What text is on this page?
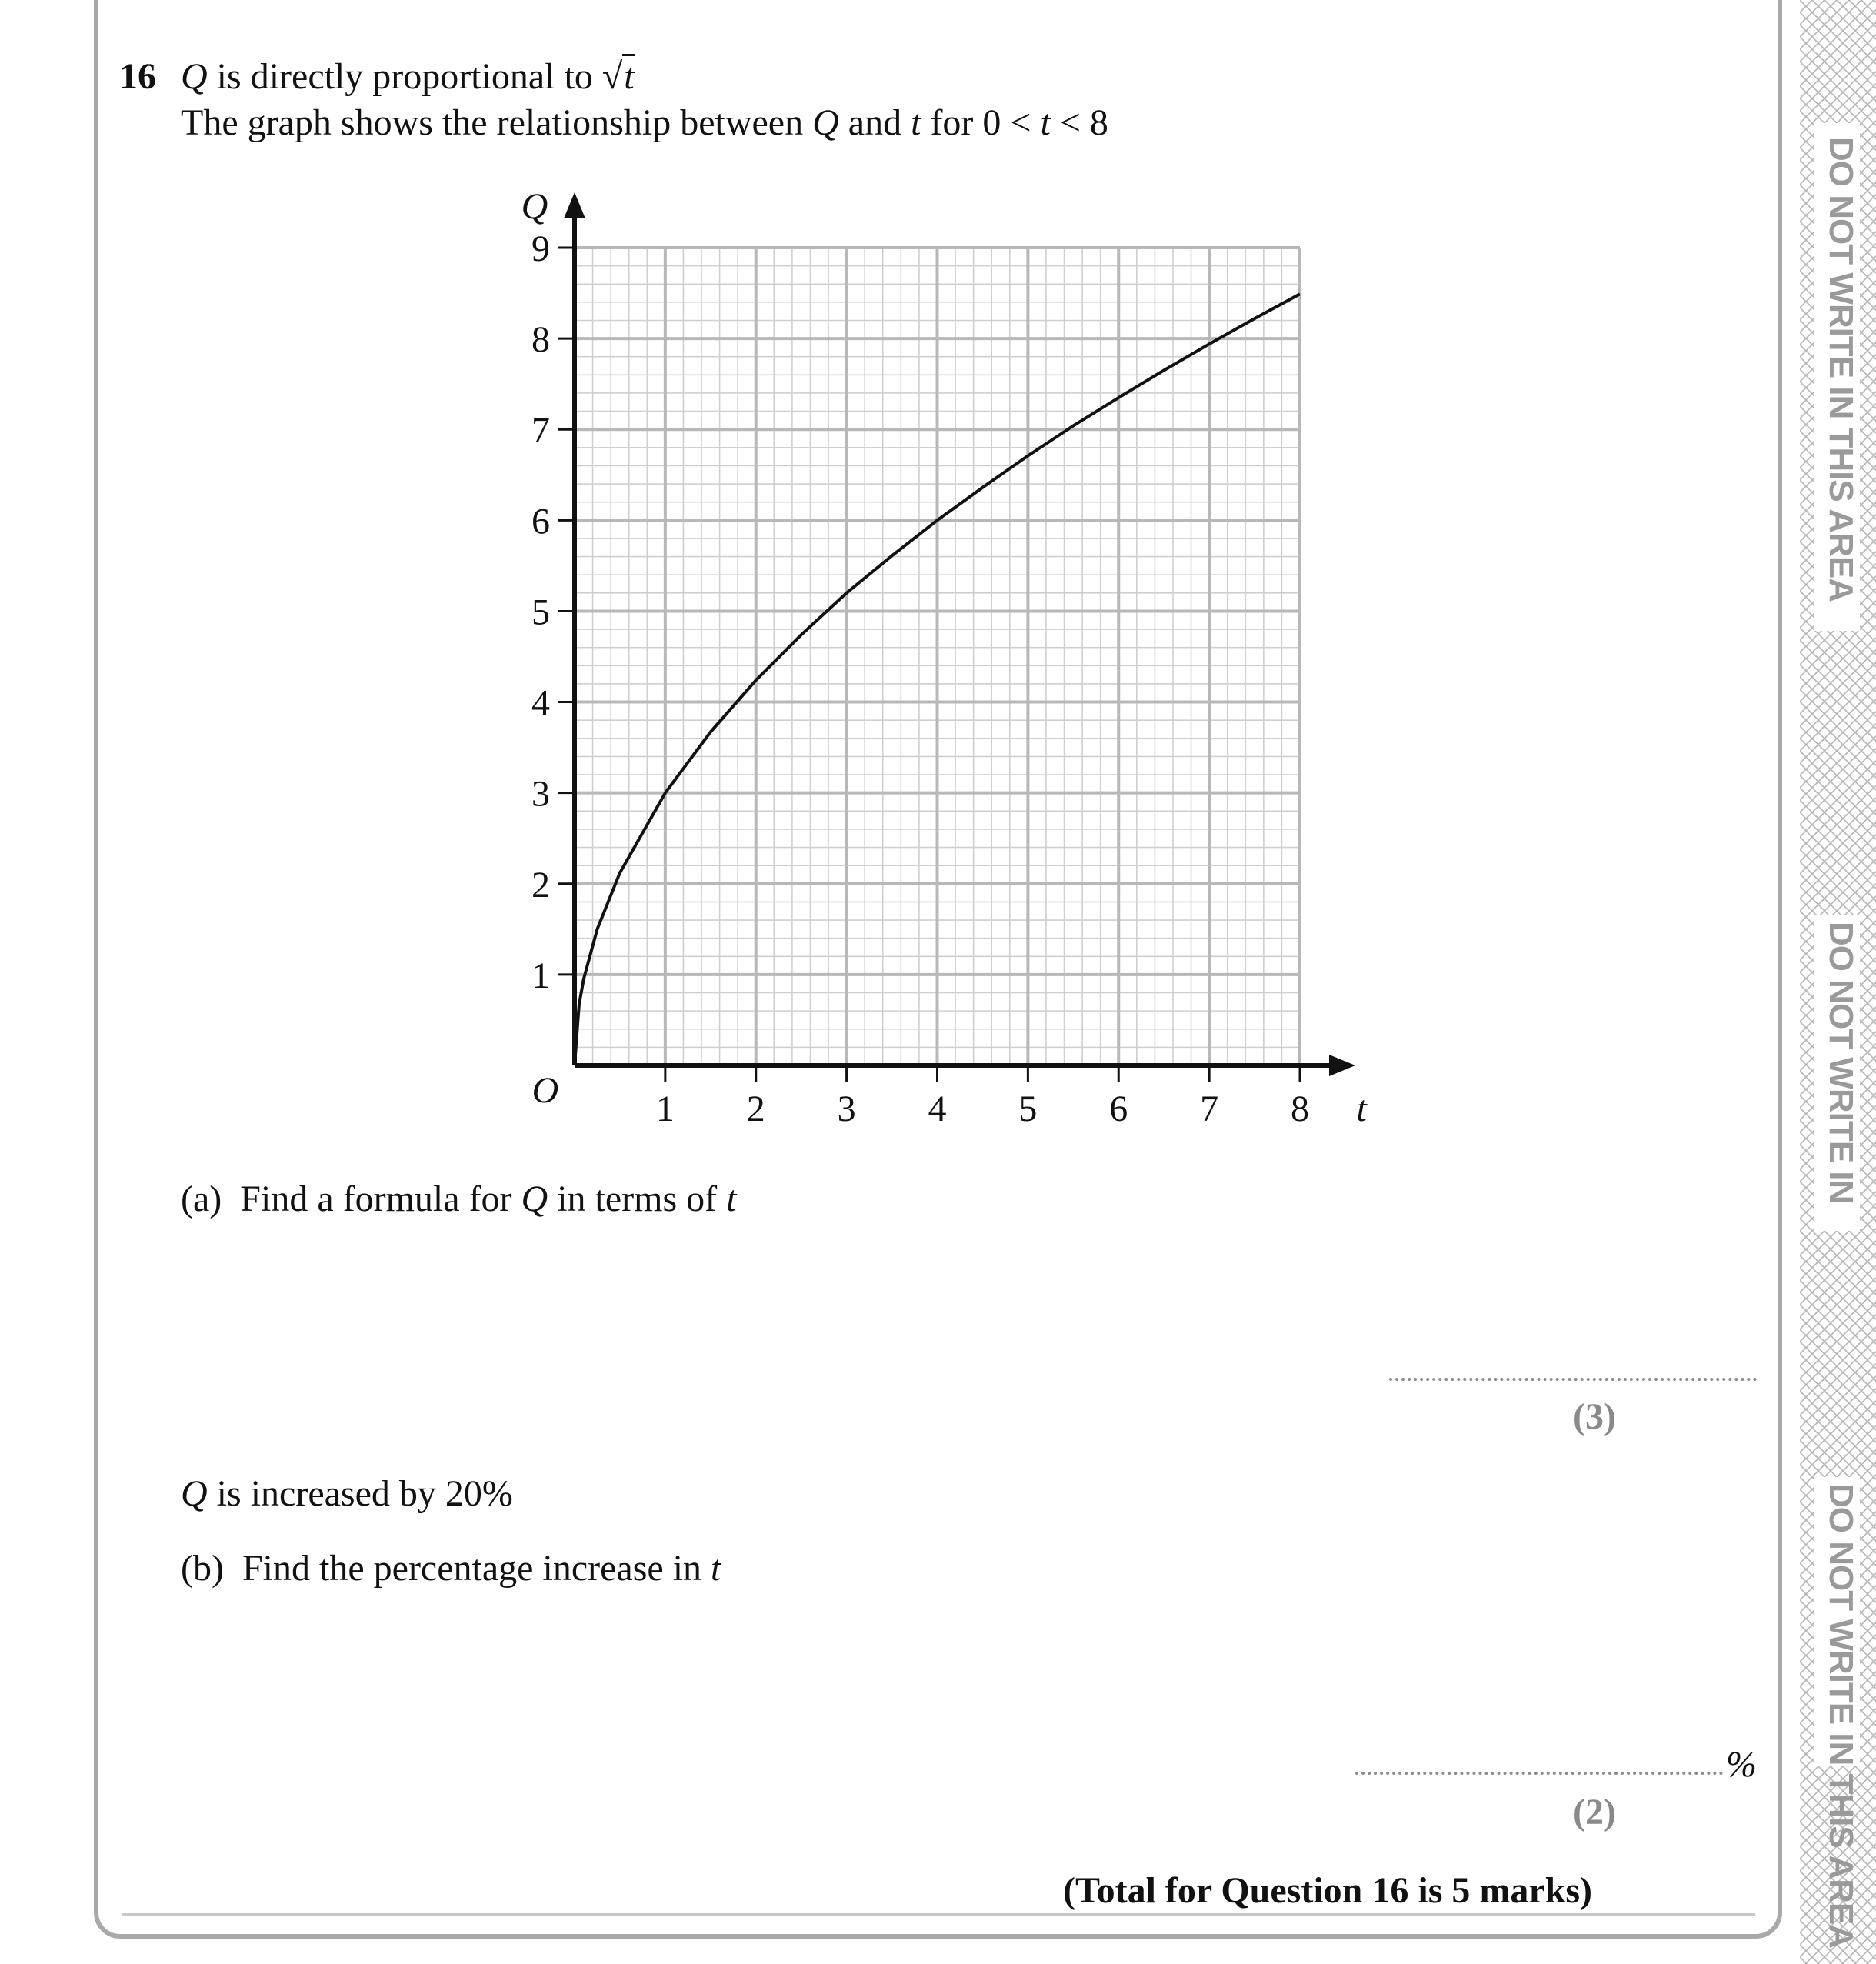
16 Q is directly proportional to √t
The graph shows the relationship between Q and t for 0 < t < 8
1 2 3 4 5 6 7 8
1
2
3
4
5
6
7
8
9
t
Q
O
(a) Find a formula for Q in terms of t
(3)
Q is increased by 20%
(b) Find the percentage increase in t
%
(2)
(Total for Question 16 is 5 marks)
DO NOT WRITE IN THIS AREA
DO NOT WRITE IN
DO NOT WRITE IN THIS AREA
